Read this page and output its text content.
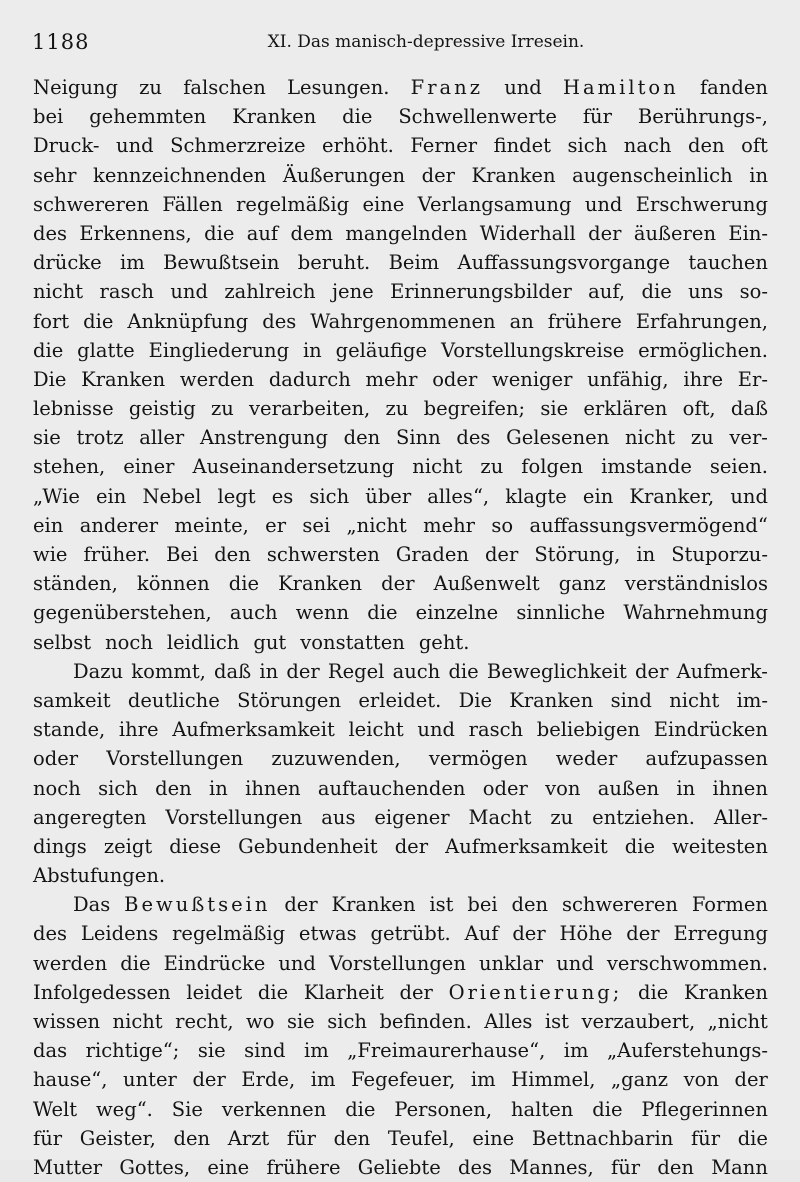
1188	XI. Das manisch-depressive Irresein.
Neigung zu falschen Lesungen. Franz und Hamilton fanden
bei gehemmten Kranken die Schwellenwerte für Berührungs-,
Druck- und Schmerzreize erhöht. Ferner findet sich nach den oft
sehr kennzeichnenden Äußerungen der Kranken augenscheinlich in
schwereren Fällen regelmäßig eine Verlangsamung und Erschwerung
des Erkennens, die auf dem mangelnden Widerhall der äußeren Ein-
drücke im Bewußtsein beruht. Beim Auffassungsvorgange tauchen
nicht rasch und zahlreich jene Erinnerungsbilder auf, die uns so-
fort die Anknüpfung des Wahrgenommenen an frühere Erfahrungen,
die glatte Eingliederung in geläufige Vorstellungskreise ermöglichen.
Die Kranken werden dadurch mehr oder weniger unfähig, ihre Er-
lebnisse geistig zu verarbeiten, zu begreifen; sie erklären oft, daß
sie trotz aller Anstrengung den Sinn des Gelesenen nicht zu ver-
stehen, einer Auseinandersetzung nicht zu folgen imstande seien.
„Wie ein Nebel legt es sich über alles“, klagte ein Kranker, und
ein anderer meinte, er sei „nicht mehr so auffassungsvermögend“
wie früher. Bei den schwersten Graden der Störung, in Stuporzu-
ständen, können die Kranken der Außenwelt ganz verständnislos
gegenüberstehen, auch wenn die einzelne sinnliche Wahrnehmung
selbst noch leidlich gut vonstatten geht.
Dazu kommt, daß in der Regel auch die Beweglichkeit der Aufmerk-
samkeit deutliche Störungen erleidet. Die Kranken sind nicht im-
stande, ihre Aufmerksamkeit leicht und rasch beliebigen Eindrücken
oder Vorstellungen zuzuwenden, vermögen weder aufzupassen
noch sich den in ihnen auftauchenden oder von außen in ihnen
angeregten Vorstellungen aus eigener Macht zu entziehen. Aller-
dings zeigt diese Gebundenheit der Aufmerksamkeit die weitesten
Abstufungen.
Das Bewußtsein der Kranken ist bei den schwereren Formen
des Leidens regelmäßig etwas getrübt. Auf der Höhe der Erregung
werden die Eindrücke und Vorstellungen unklar und verschwommen.
Infolgedessen leidet die Klarheit der Orientierung; die Kranken
wissen nicht recht, wo sie sich befinden. Alles ist verzaubert, „nicht
das richtige“; sie sind im „Freimaurerhause“, im „Auferstehungs-
hause“, unter der Erde, im Fegefeuer, im Himmel, „ganz von der
Welt weg“. Sie verkennen die Personen, halten die Pflegerinnen
für Geister, den Arzt für den Teufel, eine Bettnachbarin für die
Mutter Gottes, eine frühere Geliebte des Mannes, für den Mann
